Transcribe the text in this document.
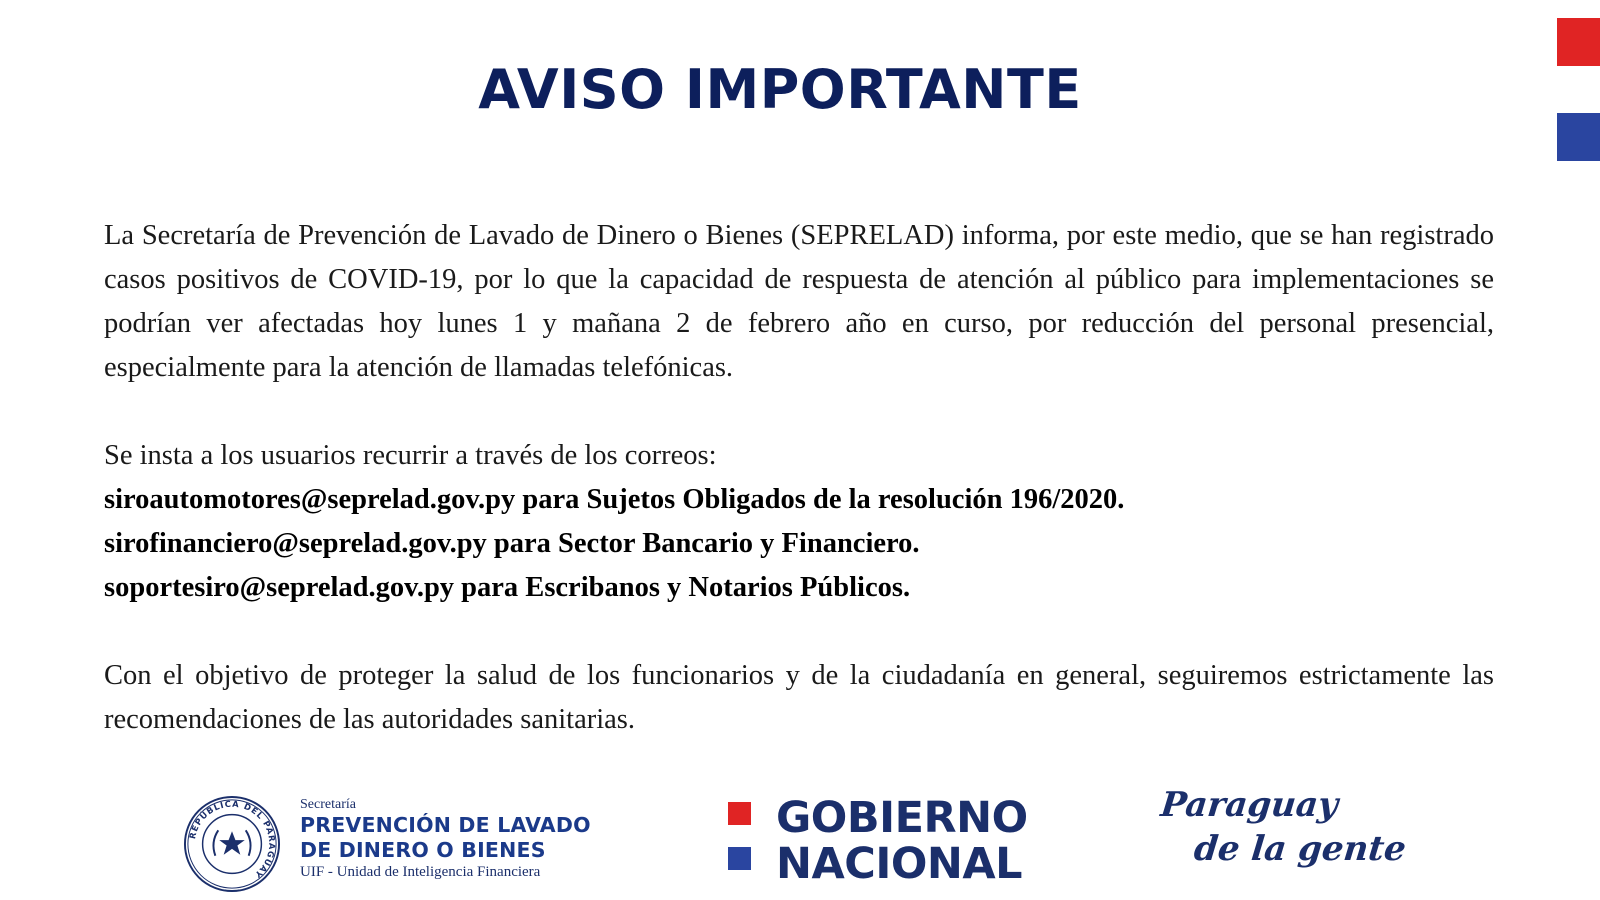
AVISO IMPORTANTE

La Secretaría de Prevención de Lavado de Dinero o Bienes (SEPRELAD) informa, por este medio, que se han registrado casos positivos de COVID-19, por lo que la capacidad de respuesta de atención al público para implementaciones se podrían ver afectadas hoy lunes 1 y mañana 2 de febrero año en curso, por reducción del personal presencial, especialmente para la atención de llamadas telefónicas.

Se insta a los usuarios recurrir a través de los correos:

siroautomotores@seprelad.gov.py para Sujetos Obligados de la resolución 196/2020.

sirofinanciero@seprelad.gov.py para Sector Bancario y Financiero.

soportesiro@seprelad.gov.py para Escribanos y Notarios Públicos.

Con el objetivo de proteger la salud de los funcionarios y de la ciudadanía en general, seguiremos estrictamente las recomendaciones de las autoridades sanitarias.

REPÚBLICA DEL PARAGUAY
Secretaría
PREVENCIÓN DE LAVADO
DE DINERO O BIENES
UIF - Unidad de Inteligencia Financiera
GOBIERNO
NACIONAL
Paraguay
de la gente
